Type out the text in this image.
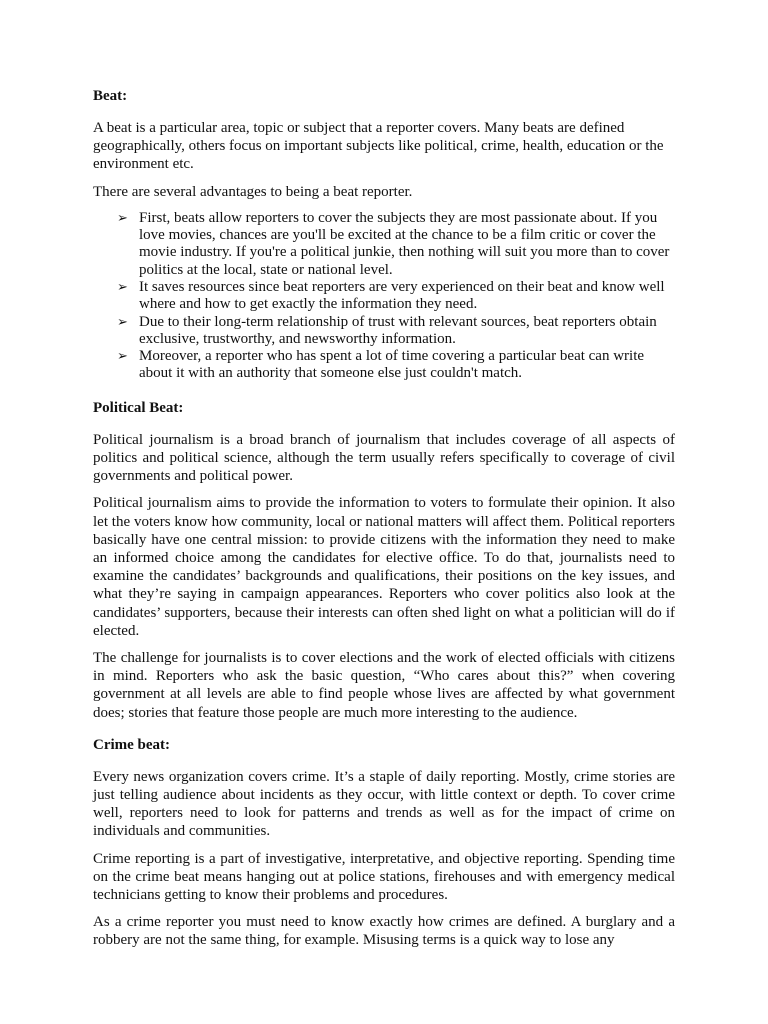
Beat:

A beat is a particular area, topic or subject that a reporter covers. Many beats are defined geographically, others focus on important subjects like political, crime, health, education or the environment etc.

There are several advantages to being a beat reporter.

➢ First, beats allow reporters to cover the subjects they are most passionate about. If you love movies, chances are you'll be excited at the chance to be a film critic or cover the movie industry. If you're a political junkie, then nothing will suit you more than to cover politics at the local, state or national level.
➢ It saves resources since beat reporters are very experienced on their beat and know well where and how to get exactly the information they need.
➢ Due to their long-term relationship of trust with relevant sources, beat reporters obtain exclusive, trustworthy, and newsworthy information.
➢ Moreover, a reporter who has spent a lot of time covering a particular beat can write about it with an authority that someone else just couldn't match.
Political Beat:

Political journalism is a broad branch of journalism that includes coverage of all aspects of politics and political science, although the term usually refers specifically to coverage of civil governments and political power.

Political journalism aims to provide the information to voters to formulate their opinion. It also let the voters know how community, local or national matters will affect them. Political reporters basically have one central mission: to provide citizens with the information they need to make an informed choice among the candidates for elective office. To do that, journalists need to examine the candidates’ backgrounds and qualifications, their positions on the key issues, and what they’re saying in campaign appearances. Reporters who cover politics also look at the candidates’ supporters, because their interests can often shed light on what a politician will do if elected.

The challenge for journalists is to cover elections and the work of elected officials with citizens in mind. Reporters who ask the basic question, “Who cares about this?” when covering government at all levels are able to find people whose lives are affected by what government does; stories that feature those people are much more interesting to the audience.

Crime beat:

Every news organization covers crime. It’s a staple of daily reporting. Mostly, crime stories are just telling audience about incidents as they occur, with little context or depth. To cover crime well, reporters need to look for patterns and trends as well as for the impact of crime on individuals and communities.

Crime reporting is a part of investigative, interpretative, and objective reporting. Spending time on the crime beat means hanging out at police stations, firehouses and with emergency medical technicians getting to know their problems and procedures.

As a crime reporter you must need to know exactly how crimes are defined. A burglary and a robbery are not the same thing, for example. Misusing terms is a quick way to lose any
